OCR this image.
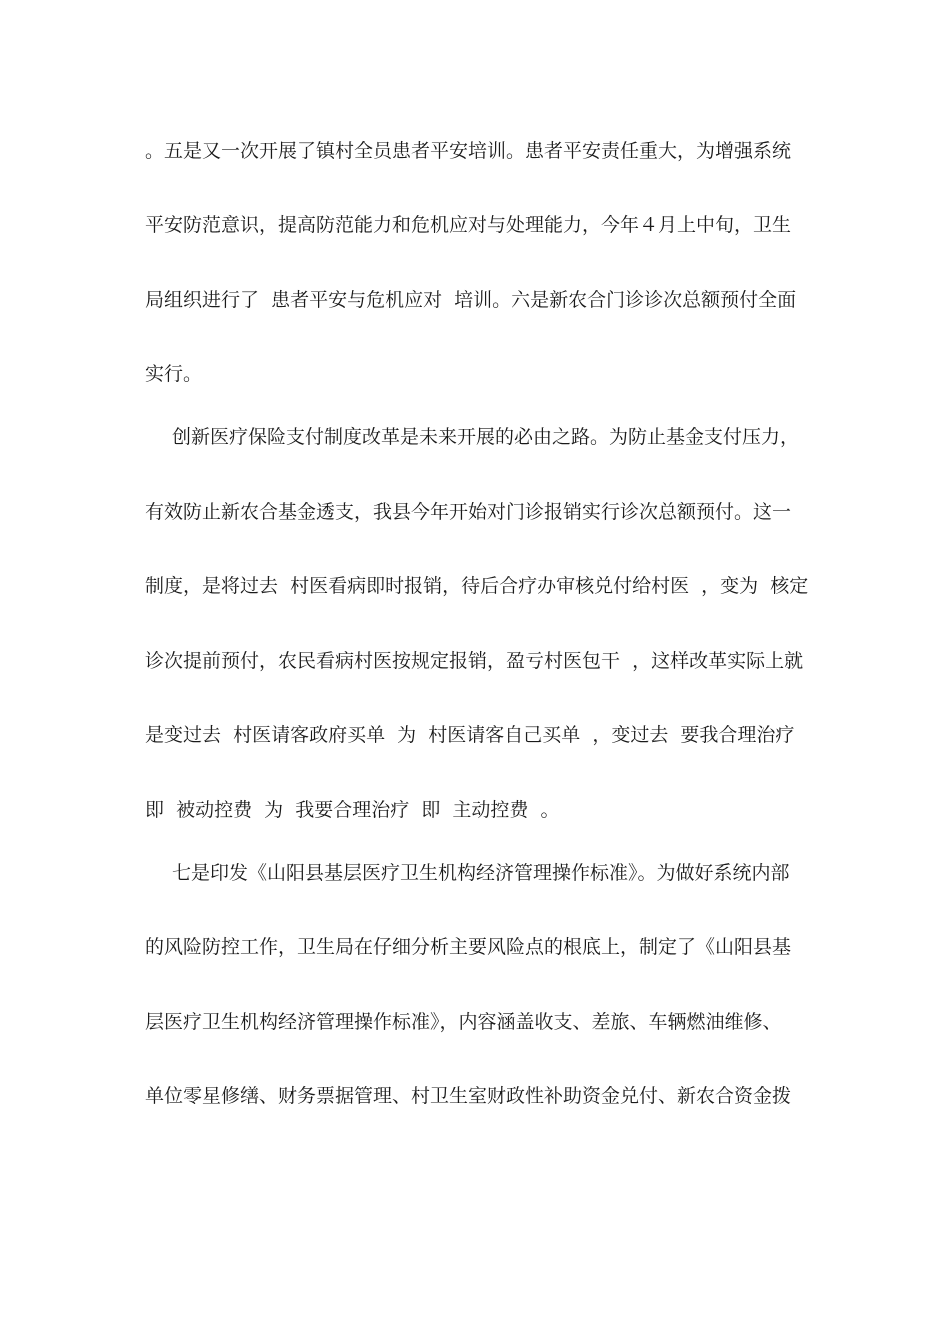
。五是又一次开展了镇村全员患者平安培训。患者平安责任重大，为增强系统
平安防范意识，提高防范能力和危机应对与处理能力，今年４月上中旬，卫生
局组织进行了  患者平安与危机应对  培训。六是新农合门诊诊次总额预付全面
实行。
创新医疗保险支付制度改革是未来开展的必由之路。为防止基金支付压力，
有效防止新农合基金透支，我县今年开始对门诊报销实行诊次总额预付。这一
制度，是将过去  村医看病即时报销，待后合疗办审核兑付给村医  ，变为  核定
诊次提前预付，农民看病村医按规定报销，盈亏村医包干  ，这样改革实际上就
是变过去  村医请客政府买单  为  村医请客自己买单  ，变过去  要我合理治疗
即  被动控费  为  我要合理治疗  即  主动控费  。
七是印发《山阳县基层医疗卫生机构经济管理操作标准》。为做好系统内部
的风险防控工作，卫生局在仔细分析主要风险点的根底上，制定了《山阳县基
层医疗卫生机构经济管理操作标准》，内容涵盖收支、差旅、车辆燃油维修、
单位零星修缮、财务票据管理、村卫生室财政性补助资金兑付、新农合资金拨
